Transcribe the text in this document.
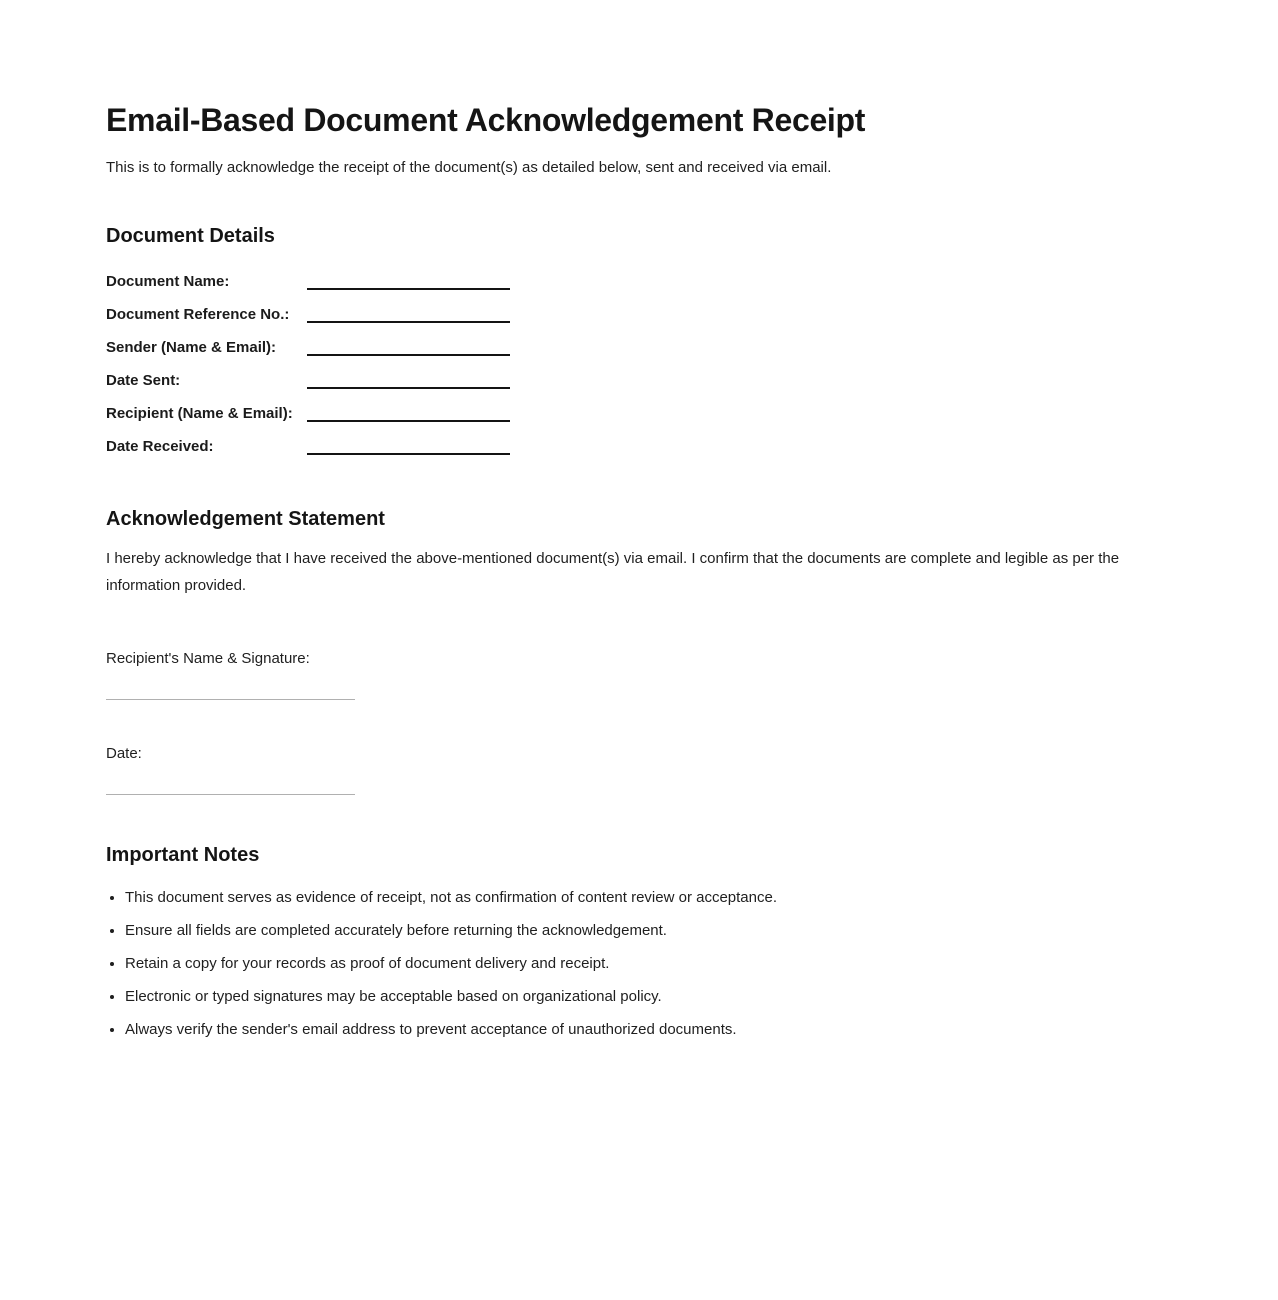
Email-Based Document Acknowledgement Receipt

This is to formally acknowledge the receipt of the document(s) as detailed below, sent and received via email.

Document Details
Document Name:
Document Reference No.:
Sender (Name & Email):
Date Sent:
Recipient (Name & Email):
Date Received:
Acknowledgement Statement

I hereby acknowledge that I have received the above-mentioned document(s) via email. I confirm that the documents are complete and legible as per the information provided.

Recipient's Name & Signature:

Date:

Important Notes
• This document serves as evidence of receipt, not as confirmation of content review or acceptance.
• Ensure all fields are completed accurately before returning the acknowledgement.
• Retain a copy for your records as proof of document delivery and receipt.
• Electronic or typed signatures may be acceptable based on organizational policy.
• Always verify the sender's email address to prevent acceptance of unauthorized documents.
